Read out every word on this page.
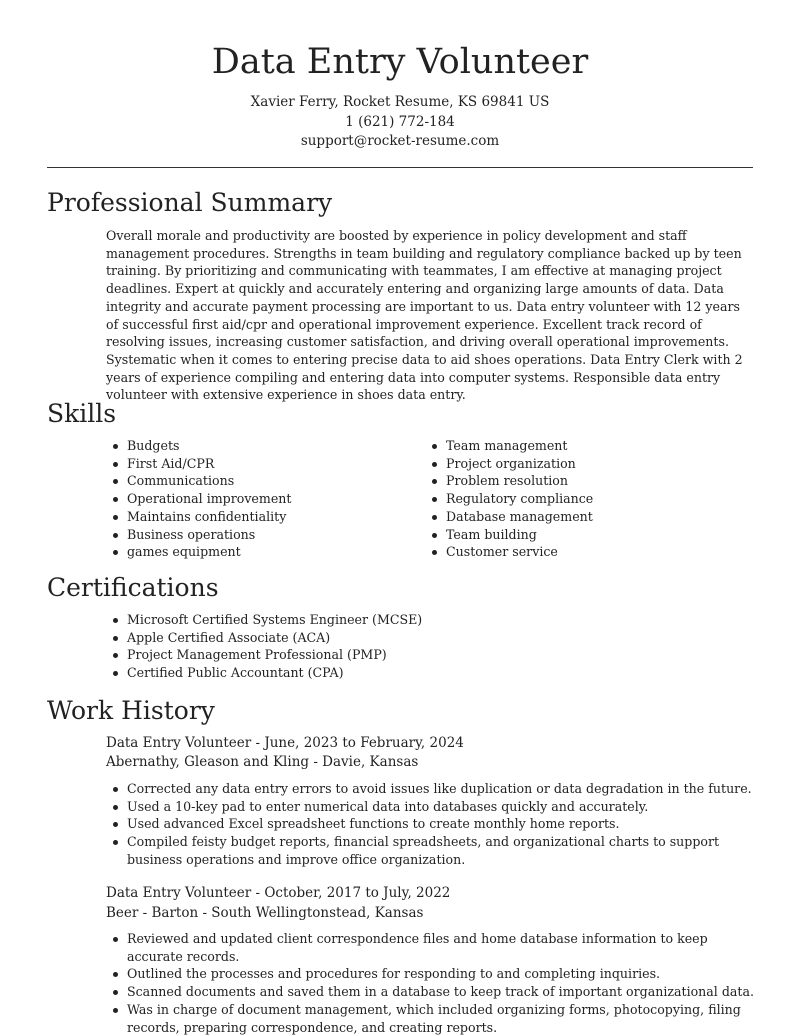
Data Entry Volunteer
Xavier Ferry, Rocket Resume, KS 69841 US
1 (621) 772-184
support@rocket-resume.com
Professional Summary
Overall morale and productivity are boosted by experience in policy development and staff management procedures. Strengths in team building and regulatory compliance backed up by teen training. By prioritizing and communicating with teammates, I am effective at managing project deadlines. Expert at quickly and accurately entering and organizing large amounts of data. Data integrity and accurate payment processing are important to us. Data entry volunteer with 12 years of successful first aid/cpr and operational improvement experience. Excellent track record of resolving issues, increasing customer satisfaction, and driving overall operational improvements. Systematic when it comes to entering precise data to aid shoes operations. Data Entry Clerk with 2 years of experience compiling and entering data into computer systems. Responsible data entry volunteer with extensive experience in shoes data entry.
Skills
Budgets
First Aid/CPR
Communications
Operational improvement
Maintains confidentiality
Business operations
games equipment
Team management
Project organization
Problem resolution
Regulatory compliance
Database management
Team building
Customer service
Certifications
Microsoft Certified Systems Engineer (MCSE)
Apple Certified Associate (ACA)
Project Management Professional (PMP)
Certified Public Accountant (CPA)
Work History
Data Entry Volunteer - June, 2023 to February, 2024
Abernathy, Gleason and Kling - Davie, Kansas
Corrected any data entry errors to avoid issues like duplication or data degradation in the future.
Used a 10-key pad to enter numerical data into databases quickly and accurately.
Used advanced Excel spreadsheet functions to create monthly home reports.
Compiled feisty budget reports, financial spreadsheets, and organizational charts to support business operations and improve office organization.
Data Entry Volunteer - October, 2017 to July, 2022
Beer - Barton - South Wellingtonstead, Kansas
Reviewed and updated client correspondence files and home database information to keep accurate records.
Outlined the processes and procedures for responding to and completing inquiries.
Scanned documents and saved them in a database to keep track of important organizational data.
Was in charge of document management, which included organizing forms, photocopying, filing records, preparing correspondence, and creating reports.
